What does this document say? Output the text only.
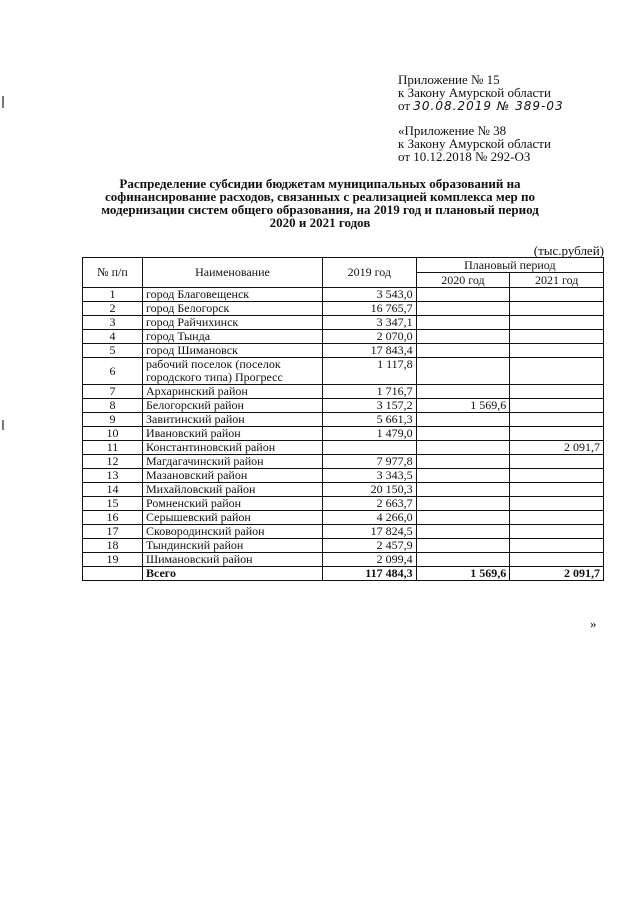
Приложение № 15
к Закону Амурской области
от 30.08.2019 № 389-03
«Приложение № 38
к Закону Амурской области
от 10.12.2018 № 292-ОЗ
Распределение субсидии бюджетам муниципальных образований на софинансирование расходов, связанных с реализацией комплекса мер по модернизации систем общего образования, на 2019 год и плановый период 2020 и 2021 годов
(тыс.рублей)
№ п/п	Наименование	2019 год	Плановый период	
			2020 год	2021 год
1	город Благовещенск	3 543,0		
2	город Белогорск	16 765,7		
3	город Райчихинск	3 347,1		
4	город Тында	2 070,0		
5	город Шимановск	17 843,4		
6	рабочий поселок (поселок городского типа) Прогресс	1 117,8		
7	Архаринский район	1 716,7		
8	Белогорский район	3 157,2	1 569,6	
9	Завитинский район	5 661,3		
10	Ивановский район	1 479,0		
11	Константиновский район			2 091,7
12	Магдагачинский район	7 977,8		
13	Мазановский район	3 343,5		
14	Михайловский район	20 150,3		
15	Ромненский район	2 663,7		
16	Серышевский район	4 266,0		
17	Сковородинский район	17 824,5		
18	Тындинский район	2 457,9		
19	Шимановский район	2 099,4		
	Всего	117 484,3	1 569,6	2 091,7
»
